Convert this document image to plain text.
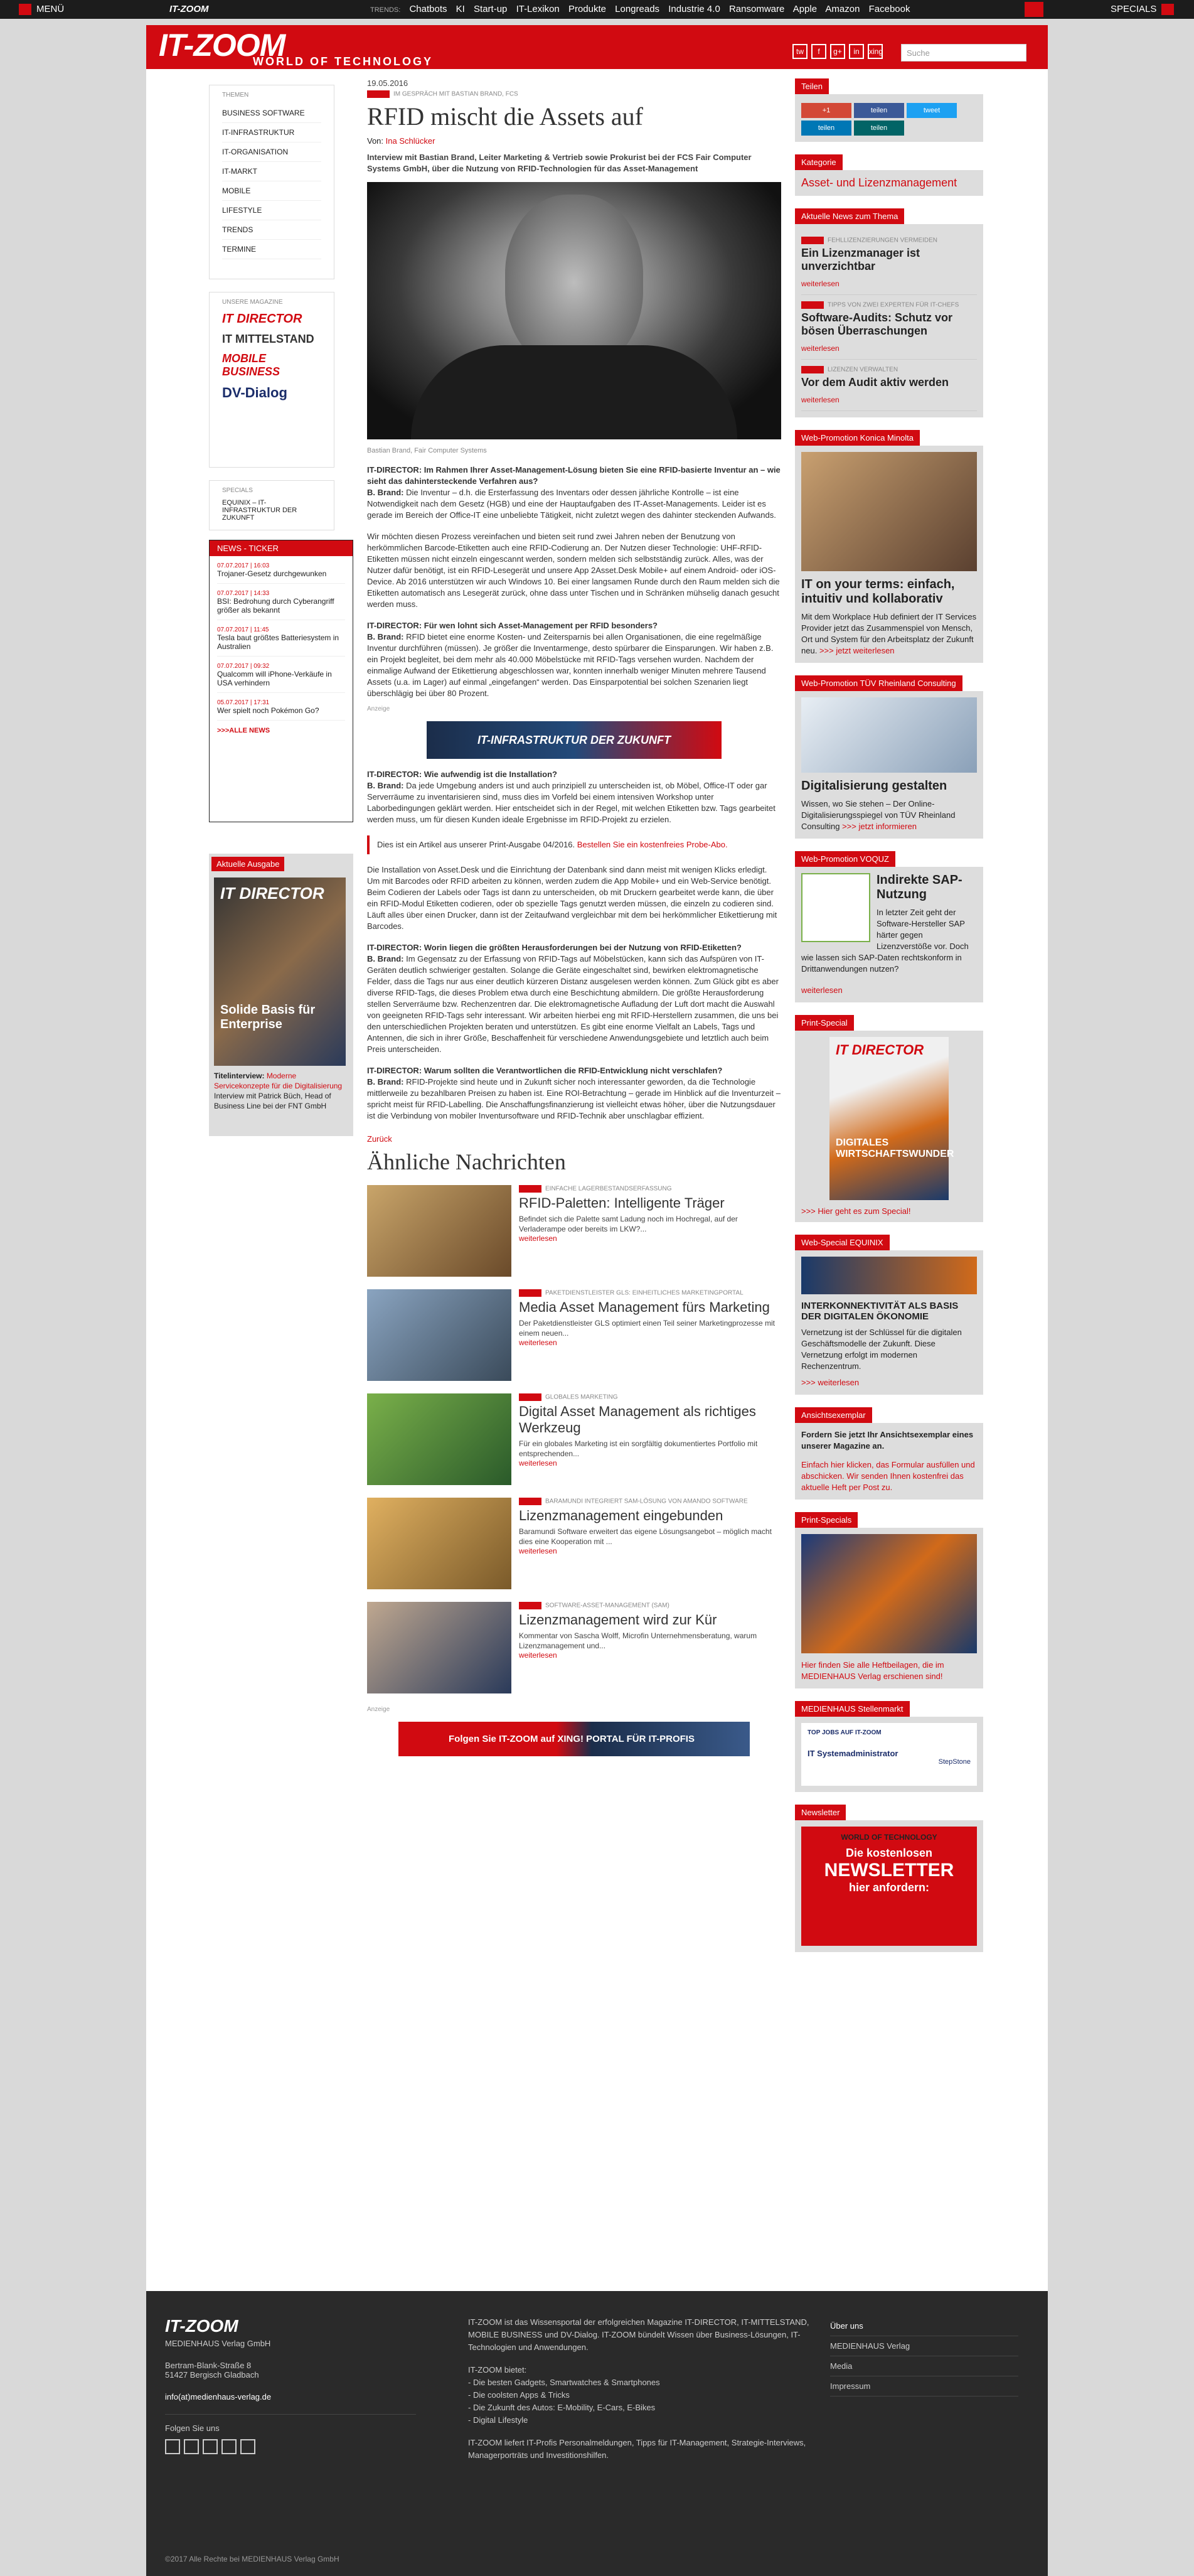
MENÜ	IT-ZOOM	TRENDS: Chatbots KI Start-up IT-Lexikon Produkte Longreads Industrie 4.0 Ransomware Apple Amazon Facebook	SPECIALS
IT-ZOOM
WORLD OF TECHNOLOGY
tw f g+ in xing	Suche
THEMEN
BUSINESS SOFTWARE
IT-INFRASTRUKTUR
IT-ORGANISATION
IT-MARKT
MOBILE
LIFESTYLE
TRENDS
TERMINE
UNSERE MAGAZINE
IT DIRECTOR
IT MITTELSTAND
MOBILE BUSINESS
DV-Dialog
SPECIALS
EQUINIX – IT-INFRASTRUKTUR DER ZUKUNFT
NEWS - TICKER
07.07.2017 | 16:03
Trojaner-Gesetz durchgewunken
07.07.2017 | 14:33
BSI: Bedrohung durch Cyberangriff größer als bekannt
07.07.2017 | 11:45
Tesla baut größtes Batteriesystem in Australien
07.07.2017 | 09:32
Qualcomm will iPhone-Verkäufe in USA verhindern
05.07.2017 | 17:31
Wer spielt noch Pokémon Go?
>>>ALLE NEWS
Aktuelle Ausgabe
IT DIRECTOR
Solide Basis für Enterprise

Titelinterview: Moderne Servicekonzepte für die Digitalisierung Interview mit Patrick Büch, Head of Business Line bei der FNT GmbH

19.05.2016
IM GESPRÄCH MIT BASTIAN BRAND, FCS
RFID mischt die Assets auf
Von: Ina Schlücker
Interview mit Bastian Brand, Leiter Marketing & Vertrieb sowie Prokurist bei der FCS Fair Computer Systems GmbH, über die Nutzung von RFID-Technologien für das Asset-Management
Bastian Brand, Fair Computer Systems
IT-DIRECTOR: Im Rahmen Ihrer Asset-Management-Lösung bieten Sie eine RFID-basierte Inventur an – wie sieht das dahintersteckende Verfahren aus?
B. Brand: Die Inventur – d.h. die Ersterfassung des Inventars oder dessen jährliche Kontrolle – ist eine Notwendigkeit nach dem Gesetz (HGB) und eine der Hauptaufgaben des IT-Asset-Managements. Leider ist es gerade im Bereich der Office-IT eine unbeliebte Tätigkeit, nicht zuletzt wegen des dahinter steckenden Aufwands.
Wir möchten diesen Prozess vereinfachen und bieten seit rund zwei Jahren neben der Benutzung von herkömmlichen Barcode-Etiketten auch eine RFID-Codierung an. Der Nutzen dieser Technologie: UHF-RFID-Etiketten müssen nicht einzeln eingescannt werden, sondern melden sich selbstständig zurück. Alles, was der Nutzer dafür benötigt, ist ein RFID-Lesegerät und unsere App 2Asset.Desk Mobile+ auf einem Android- oder iOS-Device. Ab 2016 unterstützen wir auch Windows 10. Bei einer langsamen Runde durch den Raum melden sich die Etiketten automatisch ans Lesegerät zurück, ohne dass unter Tischen und in Schränken mühselig danach gesucht werden muss.
IT-DIRECTOR: Für wen lohnt sich Asset-Management per RFID besonders?
B. Brand: RFID bietet eine enorme Kosten- und Zeitersparnis bei allen Organisationen, die eine regelmäßige Inventur durchführen (müssen). Je größer die Inventarmenge, desto spürbarer die Einsparungen. Wir haben z.B. ein Projekt begleitet, bei dem mehr als 40.000 Möbelstücke mit RFID-Tags versehen wurden. Nachdem der einmalige Aufwand der Etikettierung abgeschlossen war, konnten innerhalb weniger Minuten mehrere Tausend Assets (u.a. im Lager) auf einmal „eingefangen“ werden. Das Einsparpotential bei solchen Szenarien liegt überschlägig bei über 80 Prozent.
Anzeige
IT-INFRASTRUKTUR DER ZUKUNFT
IT-DIRECTOR: Wie aufwendig ist die Installation?
B. Brand: Da jede Umgebung anders ist und auch prinzipiell zu unterscheiden ist, ob Möbel, Office-IT oder gar Serverräume zu inventarisieren sind, muss dies im Vorfeld bei einem intensiven Workshop unter Laborbedingungen geklärt werden. Hier entscheidet sich in der Regel, mit welchen Etiketten bzw. Tags gearbeitet werden muss, um für diesen Kunden ideale Ergebnisse im RFID-Projekt zu erzielen.
Dies ist ein Artikel aus unserer Print-Ausgabe 04/2016. Bestellen Sie ein kostenfreies Probe-Abo.
Die Installation von Asset.Desk und die Einrichtung der Datenbank sind dann meist mit wenigen Klicks erledigt. Um mit Barcodes oder RFID arbeiten zu können, werden zudem die App Mobile+ und ein Web-Service benötigt. Beim Codieren der Labels oder Tags ist dann zu unterscheiden, ob mit Druckern gearbeitet werde kann, die über ein RFID-Modul Etiketten codieren, oder ob spezielle Tags genutzt werden müssen, die einzeln zu codieren sind. Läuft alles über einen Drucker, dann ist der Zeitaufwand vergleichbar mit dem bei herkömmlicher Etikettierung mit Barcodes.
IT-DIRECTOR: Worin liegen die größten Herausforderungen bei der Nutzung von RFID-Etiketten?
B. Brand: Im Gegensatz zu der Erfassung von RFID-Tags auf Möbelstücken, kann sich das Aufspüren von IT-Geräten deutlich schwieriger gestalten. Solange die Geräte eingeschaltet sind, bewirken elektromagnetische Felder, dass die Tags nur aus einer deutlich kürzeren Distanz ausgelesen werden können. Zum Glück gibt es aber diverse RFID-Tags, die dieses Problem etwa durch eine Beschichtung abmildern. Die größte Herausforderung stellen Serverräume bzw. Rechenzentren dar. Die elektromagnetische Aufladung der Luft dort macht die Auswahl von geeigneten RFID-Tags sehr interessant. Wir arbeiten hierbei eng mit RFID-Herstellern zusammen, die uns bei den unterschiedlichen Projekten beraten und unterstützen. Es gibt eine enorme Vielfalt an Labels, Tags und Antennen, die sich in ihrer Größe, Beschaffenheit für verschiedene Anwendungsgebiete und letztlich auch beim Preis unterscheiden.
IT-DIRECTOR: Warum sollten die Verantwortlichen die RFID-Entwicklung nicht verschlafen?
B. Brand: RFID-Projekte sind heute und in Zukunft sicher noch interessanter geworden, da die Technologie mittlerweile zu bezahlbaren Preisen zu haben ist. Eine ROI-Betrachtung – gerade im Hinblick auf die Inventurzeit – spricht meist für RFID-Labelling. Die Anschaffungsfinanzierung ist vielleicht etwas höher, über die Nutzungsdauer ist die Verbindung von mobiler Inventursoftware und RFID-Technik aber unschlagbar effizient.
Zurück
Ähnliche Nachrichten
EINFACHE LAGERBESTANDSERFASSUNG
RFID-Paletten: Intelligente Träger

Befindet sich die Palette samt Ladung noch im Hochregal, auf der Verladerampe oder bereits im LKW?...

weiterlesen
PAKETDIENSTLEISTER GLS: EINHEITLICHES MARKETINGPORTAL
Media Asset Management fürs Marketing

Der Paketdienstleister GLS optimiert einen Teil seiner Marketingprozesse mit einem neuen...

weiterlesen
GLOBALES MARKETING
Digital Asset Management als richtiges Werkzeug

Für ein globales Marketing ist ein sorgfältig dokumentiertes Portfolio mit entsprechenden...

weiterlesen
BARAMUNDI INTEGRIERT SAM-LÖSUNG VON AMANDO SOFTWARE
Lizenzmanagement eingebunden

Baramundi Software erweitert das eigene Lösungsangebot – möglich macht dies eine Kooperation mit ...

weiterlesen
SOFTWARE-ASSET-MANAGEMENT (SAM)
Lizenzmanagement wird zur Kür

Kommentar von Sascha Wolff, Microfin Unternehmensberatung, warum Lizenzmanagement und...

weiterlesen
Anzeige
Folgen Sie IT-ZOOM auf XING! PORTAL FÜR IT-PROFIS
Teilen
+1	teilen	tweetteilen	teilen
Kategorie
Asset- und Lizenzmanagement
Aktuelle News zum Thema
FEHLLIZENZIERUNGEN VERMEIDEN
Ein Lizenzmanager ist unverzichtbar
weiterlesen
TIPPS VON ZWEI EXPERTEN FÜR IT-CHEFS
Software-Audits: Schutz vor bösen Überraschungen
weiterlesen
LIZENZEN VERWALTEN
Vor dem Audit aktiv werden
weiterlesen
Web-Promotion Konica Minolta
IT on your terms: einfach, intuitiv und kollaborativ

Mit dem Workplace Hub definiert der IT Services Provider jetzt das Zusammenspiel von Mensch, Ort und System für den Arbeitsplatz der Zukunft neu. >>> jetzt weiterlesen

Web-Promotion TÜV Rheinland Consulting
Digitalisierung gestalten

Wissen, wo Sie stehen – Der Online-Digitalisierungsspiegel von TÜV Rheinland Consulting >>> jetzt informieren

Web-Promotion VOQUZ
Indirekte SAP-Nutzung

In letzter Zeit geht der Software-Hersteller SAP härter gegen Lizenzverstöße vor. Doch wie lassen sich SAP-Daten rechtskonform in Drittanwendungen nutzen?

weiterlesen

Print-Special
IT DIRECTOR
DIGITALES WIRTSCHAFTSWUNDER

>>> Hier geht es zum Special!

Web-Special EQUINIX
INTERKONNEKTIVITÄT ALS BASIS DER DIGITALEN ÖKONOMIE

Vernetzung ist der Schlüssel für die digitalen Geschäftsmodelle der Zukunft. Diese Vernetzung erfolgt im modernen Rechenzentrum.

>>> weiterlesen

Ansichtsexemplar

Fordern Sie jetzt Ihr Ansichtsexemplar eines unserer Magazine an.

Einfach hier klicken, das Formular ausfüllen und abschicken. Wir senden Ihnen kostenfrei das aktuelle Heft per Post zu.

Print-Specials

Hier finden Sie alle Heftbeilagen, die im MEDIENHAUS Verlag erschienen sind!

MEDIENHAUS Stellenmarkt
TOP JOBS AUF IT-ZOOM
IT Systemadministrator
StepStone
Newsletter
WORLD OF TECHNOLOGY
Die kostenlosen
NEWSLETTER
hier anfordern:
IT-ZOOM
MEDIENHAUS Verlag GmbH
Bertram-Blank-Straße 8
51427 Bergisch Gladbach
info(at)medienhaus-verlag.de
Folgen Sie uns
IT-ZOOM ist das Wissensportal der erfolgreichen Magazine IT-DIRECTOR, IT-MITTELSTAND, MOBILE BUSINESS und DV-Dialog. IT-ZOOM bündelt Wissen über Business-Lösungen, IT-Technologien und Anwendungen.
IT-ZOOM bietet:
- Die besten Gadgets, Smartwatches & Smartphones
- Die coolsten Apps & Tricks
- Die Zukunft des Autos: E-Mobility, E-Cars, E-Bikes
- Digital Lifestyle
IT-ZOOM liefert IT-Profis Personalmeldungen, Tipps für IT-Management, Strategie-Interviews, Managerporträts und Investitionshilfen.
Über uns
MEDIENHAUS Verlag
Media
Impressum
©2017 Alle Rechte bei MEDIENHAUS Verlag GmbH
